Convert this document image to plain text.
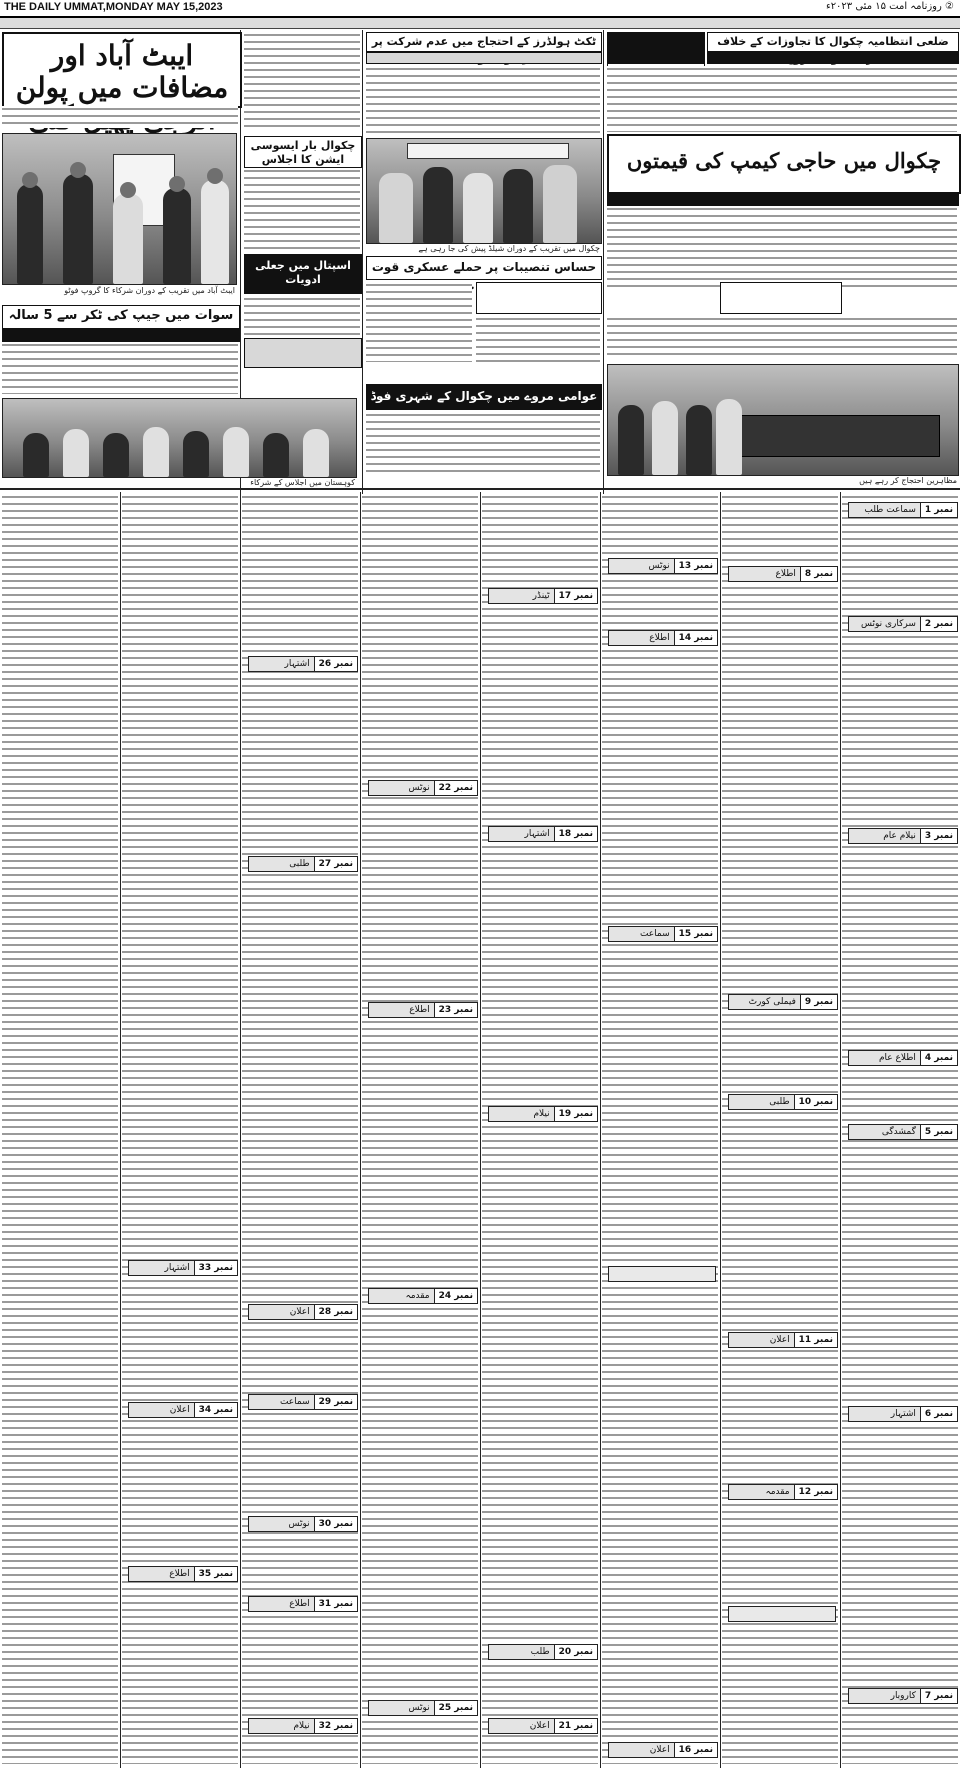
THE DAILY UMMAT,MONDAY MAY 15,2023	② روزنامہ امت ۱۵ مئی ۲۰۲۳ء
ایبٹ آباد اور مضافات میں پولن
ایبٹ آباد میں تقریب کے دوران شرکاء کا گروپ فوٹو
سوات میں جیپ کی ٹکر سے 5 سالہ
کوہستان میں اجلاس کے شرکاء
چکوال بار ایسوسی ایشن کا اجلاس
اسپتال میں جعلی ادویات
ٹکٹ ہولڈرز کے احتجاج میں عدم شرکت پر
چکوال میں تقریب کے دوران شیلڈ پیش کی جا رہی ہے
حساس تنصیبات پر حملے عسکری قوت
عوامی مروے میں چکوال کے شہری فوڈ
ضلعی انتظامیہ چکوال کا تجاوزات کے خلاف
چکوال میں حاجی کیمپ کی قیمتوں
مظاہرین احتجاج کر رہے ہیں
نمبر 1سماعت طلب
نمبر 2سرکاری نوٹس
نمبر 3نیلام عام
نمبر 4اطلاع عام
نمبر 5گمشدگی
نمبر 6اشتہار
نمبر 7کاروبار
نمبر 8اطلاع
نمبر 9فیملی کورٹ
نمبر 10طلبی
نمبر 11اعلان
نمبر 12مقدمہ
نمبر 13نوٹس
نمبر 14اطلاع
نمبر 15سماعت
نمبر 16اعلان
نمبر 17ٹینڈر
نمبر 18اشتہار
نمبر 19نیلام
نمبر 20طلب
نمبر 21اعلان
نمبر 22نوٹس
نمبر 23اطلاع
نمبر 24مقدمہ
نمبر 25نوٹس
نمبر 26اشتہار
نمبر 27طلبی
نمبر 28اعلان
نمبر 29سماعت
نمبر 30نوٹس
نمبر 31اطلاع
نمبر 32نیلام
نمبر 33اشتہار
نمبر 34اعلان
نمبر 35اطلاع
